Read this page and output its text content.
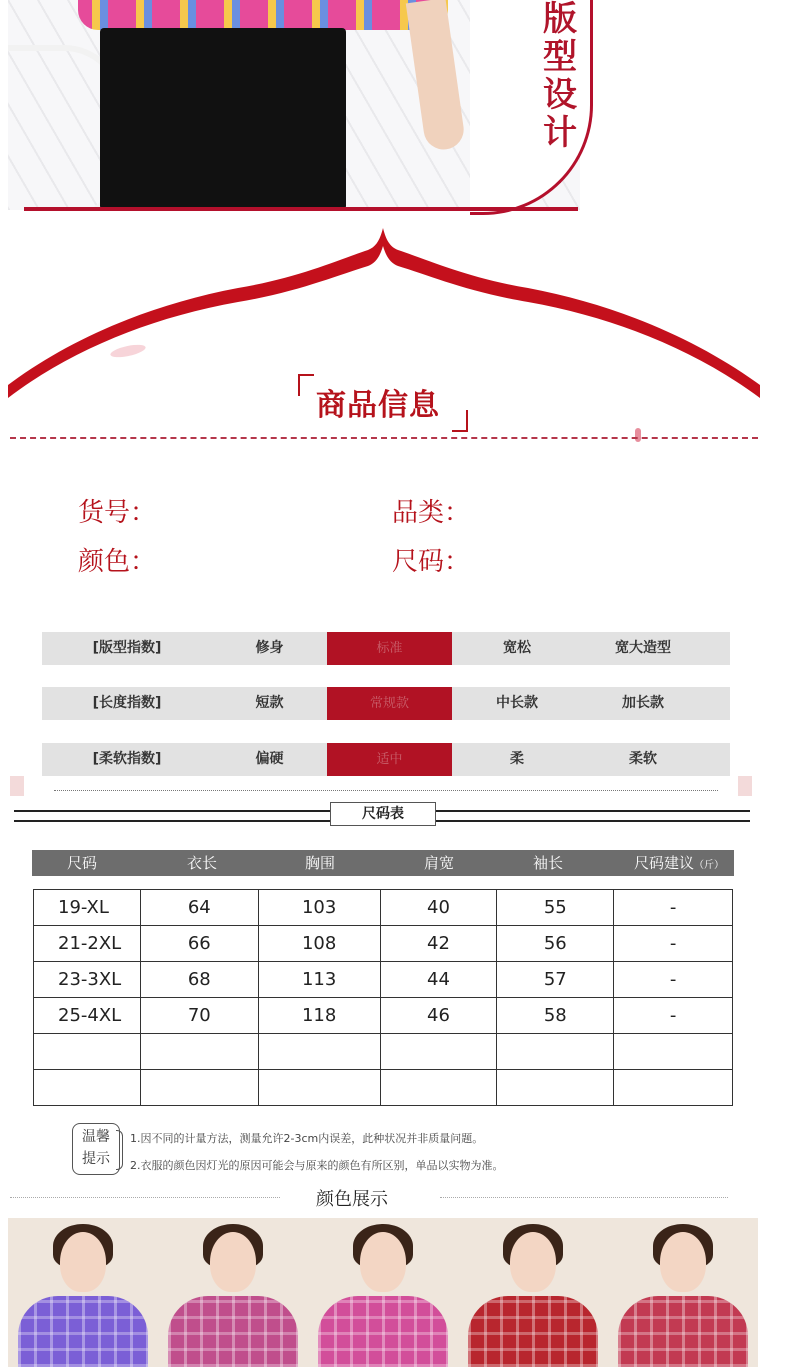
版
型
设
计
商品信息
货号：	品类：
颜色：	尺码：
[版型指数]	修身	标准	宽松	宽大造型
[长度指数]	短款	常规款	中长款	加长款
[柔软指数]	偏硬	适中	柔	柔软
尺码表
尺码	衣长	胸围	肩宽	袖长	尺码建议（斤）
19-XL	64	103	40	55	-
21-2XL	66	108	42	56	-
23-3XL	68	113	44	57	-
25-4XL	70	118	46	58	-

温馨
提示
1.因不同的计量方法，测量允许2-3cm内误差，此种状况并非质量问题。
2.衣服的颜色因灯光的原因可能会与原来的颜色有所区别，单品以实物为准。
颜色展示
